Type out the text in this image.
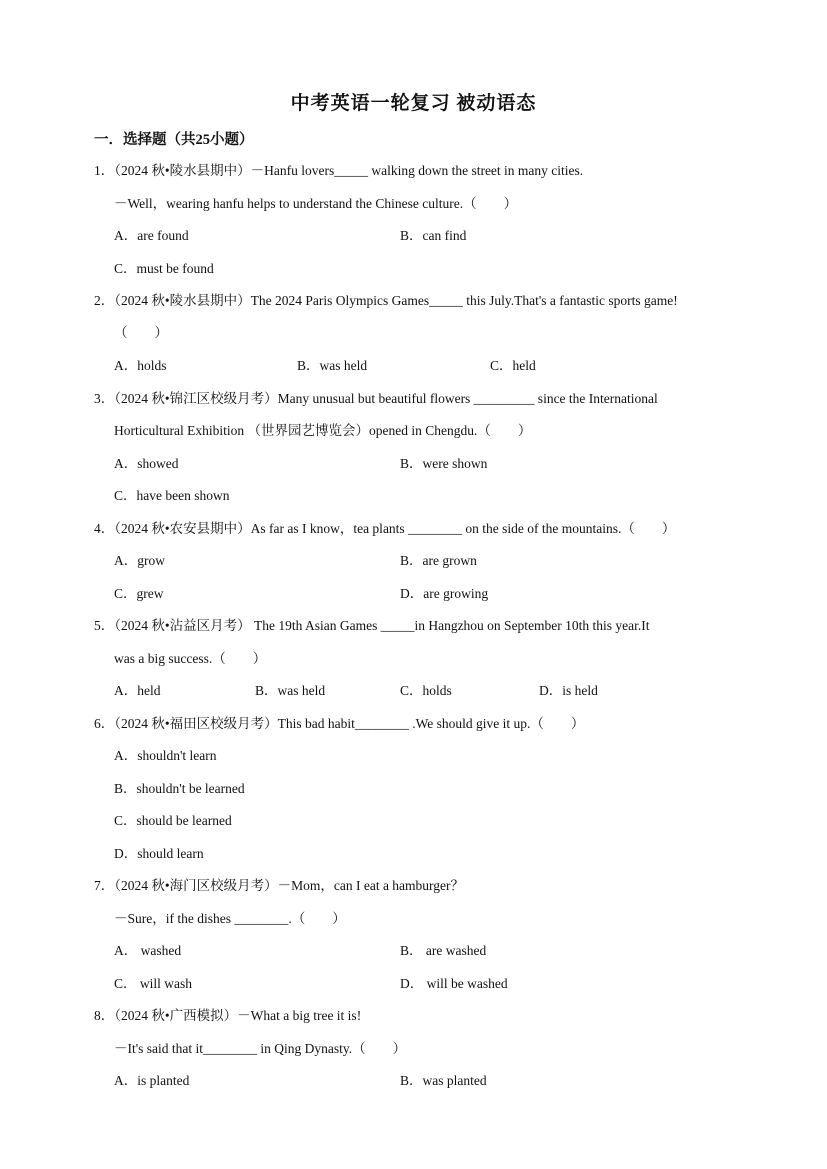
中考英语一轮复习 被动语态
一．选择题（共25小题）
1．（2024 秋•陵水县期中）－Hanfu lovers_____ walking down the street in many cities.
－Well，wearing hanfu helps to understand the Chinese culture.（　　）
A．are found	B．can find
C．must be found
2．（2024 秋•陵水县期中）The 2024 Paris Olympics Games_____ this July.That's a fantastic sports game!
（　　）
A．holds	B．was held	C．held
3．（2024 秋•锦江区校级月考）Many unusual but beautiful flowers _________ since the International
Horticultural Exhibition （世界园艺博览会）opened in Chengdu.（　　）
A．showed	B．were shown
C．have been shown
4．（2024 秋•农安县期中）As far as I know，tea plants ________ on the side of the mountains.（　　）
A．grow	B．are grown
C．grew	D．are growing
5．（2024 秋•沾益区月考） The 19th Asian Games _____in Hangzhou on September 10th this year.It
was a big success.（　　）
A．held	B．was held	C．holds	D．is held
6．（2024 秋•福田区校级月考）This bad habit________ .We should give it up.（　　）
A．shouldn't learn
B．shouldn't be learned
C．should be learned
D．should learn
7．（2024 秋•海门区校级月考）－Mom，can I eat a hamburger？
－Sure，if the dishes ________.（　　）
A． washed	B． are washed
C． will wash	D． will be washed
8．（2024 秋•广西模拟）－What a big tree it is!
－It's said that it________ in Qing Dynasty.（　　）
A．is planted	B．was planted
